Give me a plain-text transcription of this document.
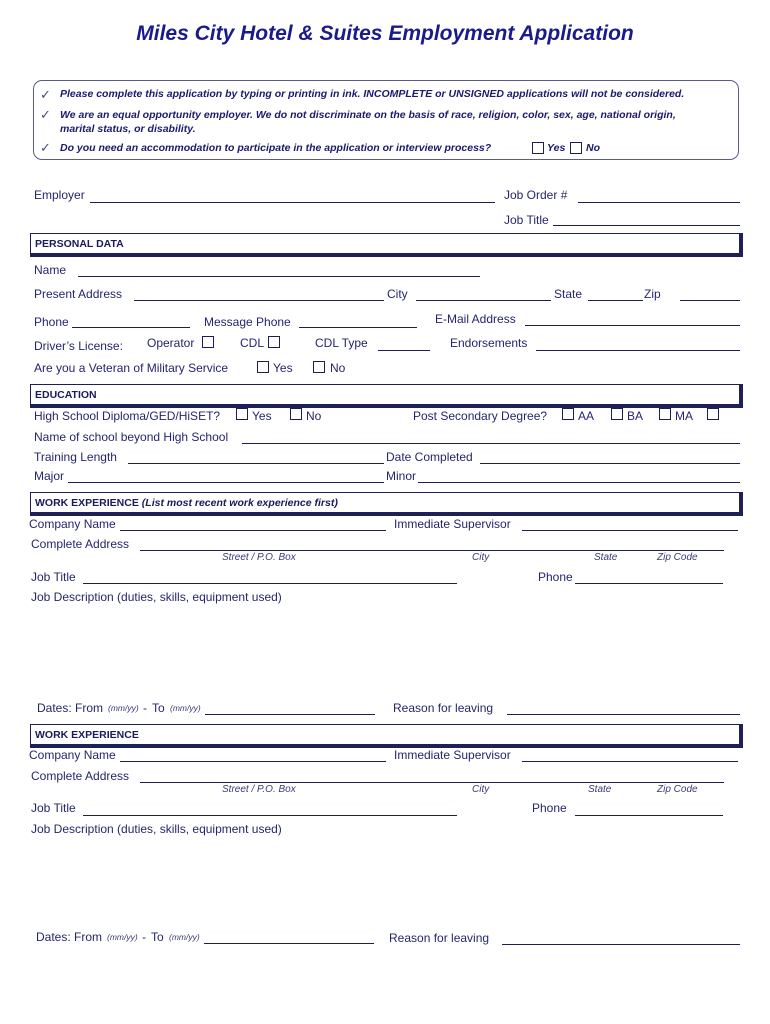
Miles City Hotel & Suites Employment Application
✓ Please complete this application by typing or printing in ink. INCOMPLETE or UNSIGNED applications will not be considered.
✓ We are an equal opportunity employer. We do not discriminate on the basis of race, religion, color, sex, age, national origin,
marital status, or disability.
✓ Do you need an accommodation to participate in the application or interview process?	Yes No
Employer	Job Order #
Job Title
PERSONAL DATA
Name
Present Address	City	State	Zip
Phone	Message Phone	E-Mail Address
Driver’s License: Operator	CDL	CDL Type	Endorsements
Are you a Veteran of Military Service	Yes	No
EDUCATION
High School Diploma/GED/HiSET?	Yes	No	Post Secondary Degree?	AA	BA	MA
Name of school beyond High School
Training Length	Date Completed
Major	Minor
WORK EXPERIENCE (List most recent work experience first)
Company Name	Immediate Supervisor
Complete Address
Street / P.O. Box	City	State	Zip Code
Job Title	Phone
Job Description (duties, skills, equipment used)
Dates: From (mm/yy) - To (mm/yy)	Reason for leaving
WORK EXPERIENCE
Company Name	Immediate Supervisor
Complete Address
Street / P.O. Box	City	State	Zip Code
Job Title	Phone
Job Description (duties, skills, equipment used)
Dates: From (mm/yy) - To (mm/yy)	Reason for leaving
